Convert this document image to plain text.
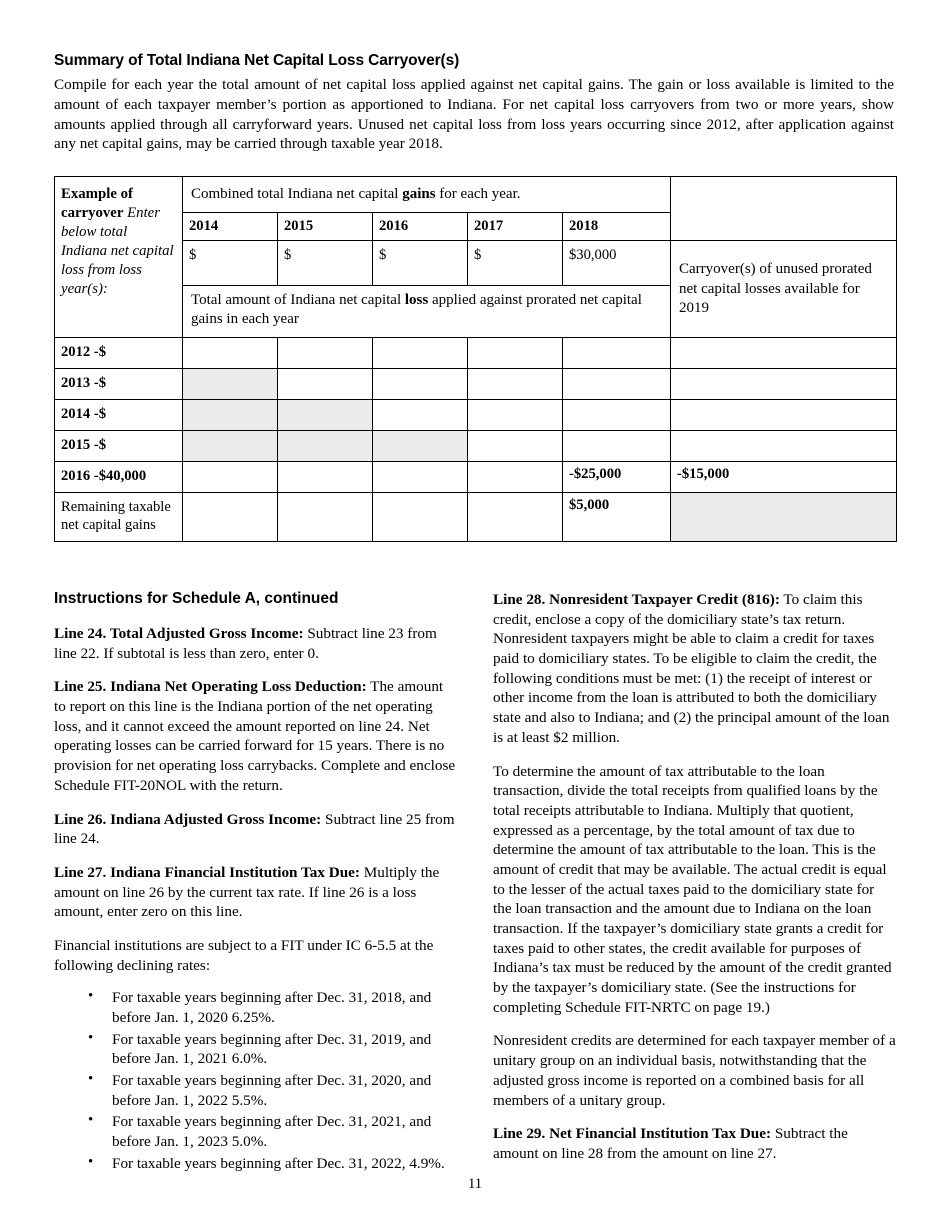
Summary of Total Indiana Net Capital Loss Carryover(s)
Compile for each year the total amount of net capital loss applied against net capital gains. The gain or loss available is limited to the amount of each taxpayer member’s portion as apportioned to Indiana. For net capital loss carryovers from two or more years, show amounts applied through all carryforward years. Unused net capital loss from loss years occurring since 2012, after application against any net capital gains, may be carried through taxable year 2018.
Example of carryover Enter below total Indiana net capital loss from loss year(s):	Combined total Indiana net capital gains for each year.					
	2014	2015	2016	2017	2018	
	$	$	$	$	$30,000	Carryover(s) of unused prorated net capital losses available for 2019
	Total amount of Indiana net capital loss applied against prorated net capital gains in each year					
2012 -$						
2013 -$						
2014 -$						
2015 -$						
2016 -$40,000					-$25,000	-$15,000
Remaining taxable net capital gains					$5,000	
Instructions for Schedule A, continued

Line 24. Total Adjusted Gross Income: Subtract line 23 from line 22. If subtotal is less than zero, enter 0.

Line 25. Indiana Net Operating Loss Deduction: The amount to report on this line is the Indiana portion of the net operating loss, and it cannot exceed the amount reported on line 24. Net operating losses can be carried forward for 15 years. There is no provision for net operating loss carrybacks. Complete and enclose Schedule FIT-20NOL with the return.

Line 26. Indiana Adjusted Gross Income: Subtract line 25 from line 24.

Line 27. Indiana Financial Institution Tax Due: Multiply the amount on line 26 by the current tax rate. If line 26 is a loss amount, enter zero on this line.

Financial institutions are subject to a FIT under IC 6-5.5 at the following declining rates:

• For taxable years beginning after Dec. 31, 2018, and before Jan. 1, 2020 6.25%.
• For taxable years beginning after Dec. 31, 2019, and before Jan. 1, 2021 6.0%.
• For taxable years beginning after Dec. 31, 2020, and before Jan. 1, 2022 5.5%.
• For taxable years beginning after Dec. 31, 2021, and before Jan. 1, 2023 5.0%.
• For taxable years beginning after Dec. 31, 2022, 4.9%.

Line 28. Nonresident Taxpayer Credit (816): To claim this credit, enclose a copy of the domiciliary state’s tax return. Nonresident taxpayers might be able to claim a credit for taxes paid to domiciliary states. To be eligible to claim the credit, the following conditions must be met: (1) the receipt of interest or other income from the loan is attributed to both the domiciliary state and also to Indiana; and (2) the principal amount of the loan is at least $2 million.

To determine the amount of tax attributable to the loan transaction, divide the total receipts from qualified loans by the total receipts attributable to Indiana. Multiply that quotient, expressed as a percentage, by the total amount of tax due to determine the amount of tax attributable to the loan. This is the amount of credit that may be available. The actual credit is equal to the lesser of the actual taxes paid to the domiciliary state for the loan transaction and the amount due to Indiana on the loan transaction. If the taxpayer’s domiciliary state grants a credit for taxes paid to other states, the credit available for purposes of Indiana’s tax must be reduced by the amount of the credit granted by the taxpayer’s domiciliary state. (See the instructions for completing Schedule FIT-NRTC on page 19.)

Nonresident credits are determined for each taxpayer member of a unitary group on an individual basis, notwithstanding that the adjusted gross income is reported on a combined basis for all members of a unitary group.

Line 29. Net Financial Institution Tax Due: Subtract the amount on line 28 from the amount on line 27.

11
